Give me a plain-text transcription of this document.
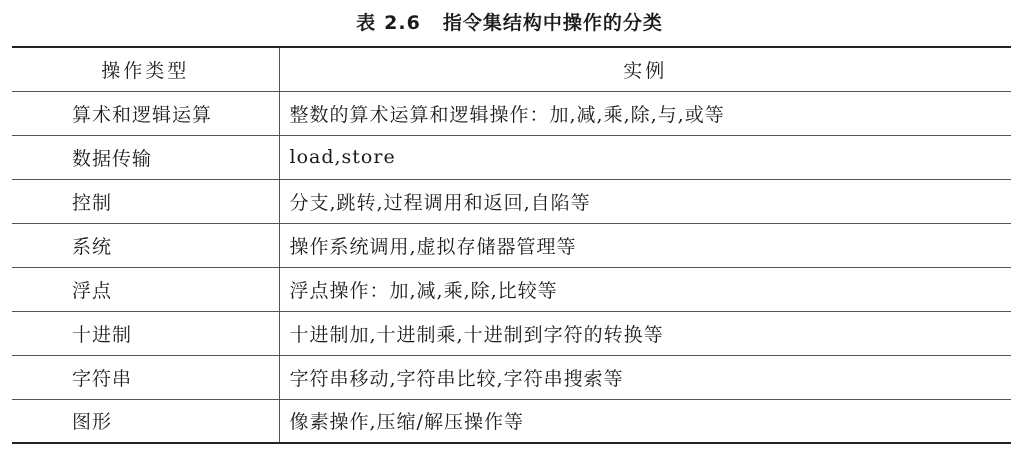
表 2.6 指令集结构中操作的分类
操作类型	实例
算术和逻辑运算	整数的算术运算和逻辑操作：加,减,乘,除,与,或等
数据传输	load,store
控制	分支,跳转,过程调用和返回,自陷等
系统	操作系统调用,虚拟存储器管理等
浮点	浮点操作：加,减,乘,除,比较等
十进制	十进制加,十进制乘,十进制到字符的转换等
字符串	字符串移动,字符串比较,字符串搜索等
图形	像素操作,压缩/解压操作等
